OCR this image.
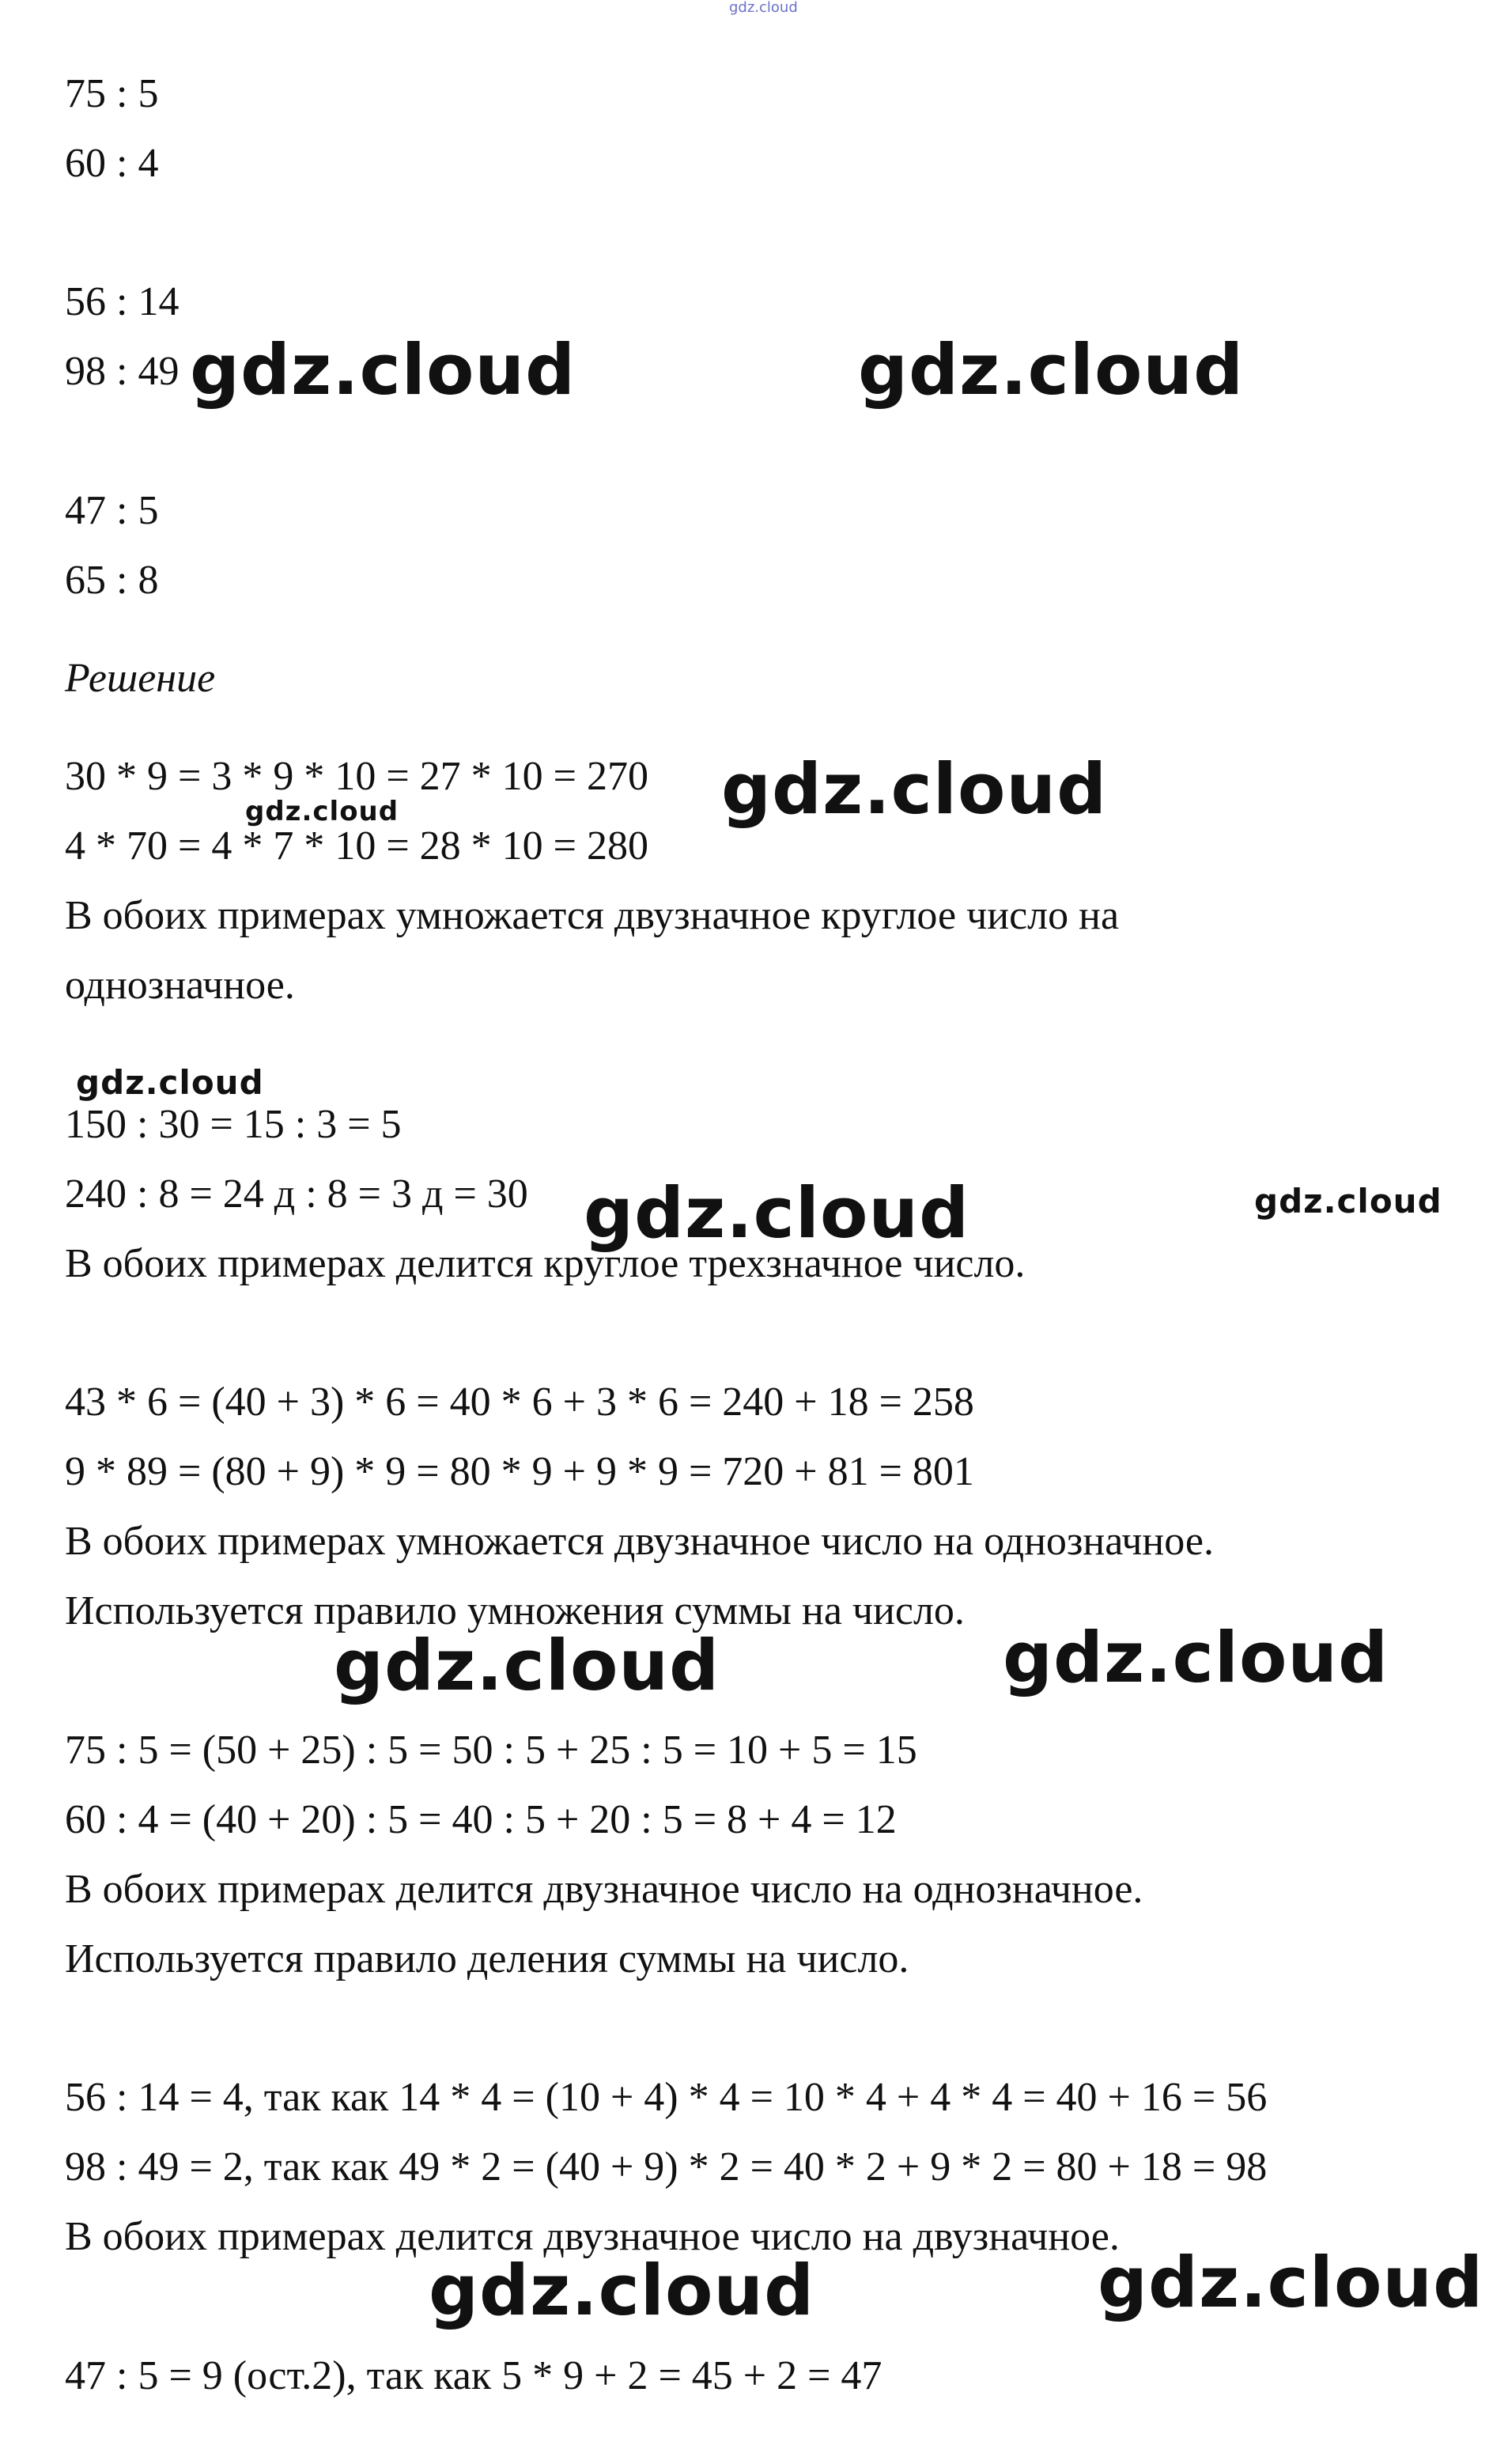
gdz.cloud
75 : 5
60 : 4
56 : 14
98 : 49
47 : 5
65 : 8
Решение
30 * 9 = 3 * 9 * 10 = 27 * 10 = 270
4 * 70 = 4 * 7 * 10 = 28 * 10 = 280
В обоих примерах умножается двузначное круглое число на
однозначное.
150 : 30 = 15 : 3 = 5
240 : 8 = 24 д : 8 = 3 д = 30
В обоих примерах делится круглое трехзначное число.
43 * 6 = (40 + 3) * 6 = 40 * 6 + 3 * 6 = 240 + 18 = 258
9 * 89 = (80 + 9) * 9 = 80 * 9 + 9 * 9 = 720 + 81 = 801
В обоих примерах умножается двузначное число на однозначное.
Используется правило умножения суммы на число.
75 : 5 = (50 + 25) : 5 = 50 : 5 + 25 : 5 = 10 + 5 = 15
60 : 4 = (40 + 20) : 5 = 40 : 5 + 20 : 5 = 8 + 4 = 12
В обоих примерах делится двузначное число на однозначное.
Используется правило деления суммы на число.
56 : 14 = 4, так как 14 * 4 = (10 + 4) * 4 = 10 * 4 + 4 * 4 = 40 + 16 = 56
98 : 49 = 2, так как 49 * 2 = (40 + 9) * 2 = 40 * 2 + 9 * 2 = 80 + 18 = 98
В обоих примерах делится двузначное число на двузначное.
47 : 5 = 9 (ост.2), так как 5 * 9 + 2 = 45 + 2 = 47
gdz.cloud	gdz.cloud
gdz.cloud
gdz.cloud
gdz.cloud
gdz.cloud	gdz.cloud
gdz.cloud	gdz.cloud
gdz.cloud	gdz.cloud
